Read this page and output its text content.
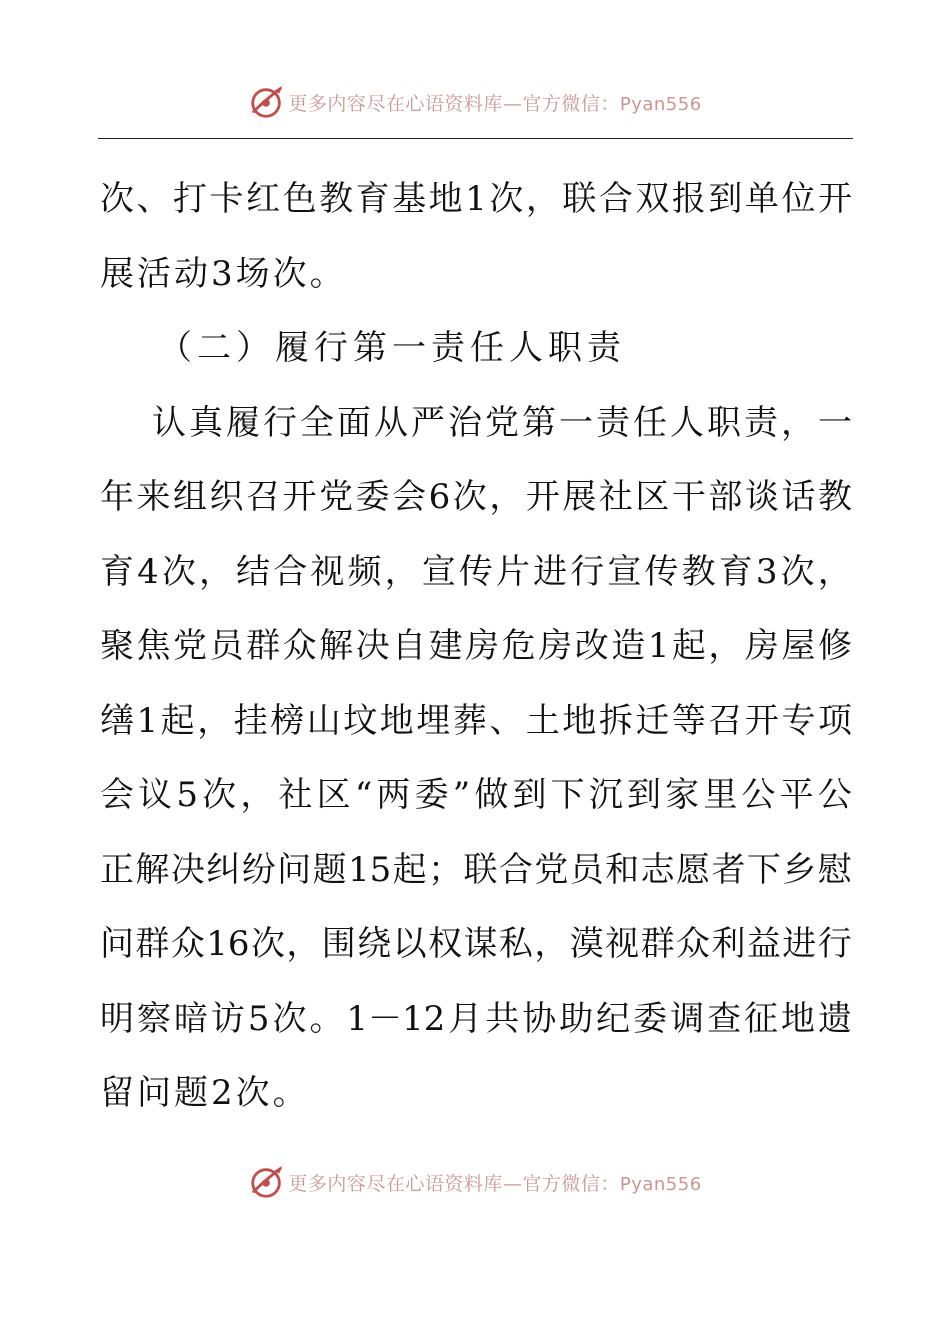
更多内容尽在心语资料库—官方微信：Pyan556
次 、 打 卡 红 色 教 育 基 地 1 次 ， 联 合 双 报 到 单 位 开
展 活 动 3 场 次 。
（ 二 ） 履 行 第 一 责 任 人 职 责
认 真 履 行 全 面 从 严 治 党 第 一 责 任 人 职 责 ， 一
年 来 组 织 召 开 党 委 会 6 次 ， 开 展 社 区 干 部 谈 话 教
育 4 次 ， 结 合 视 频 ， 宣 传 片 进 行 宣 传 教 育 3 次 ，
聚 焦 党 员 群 众 解 决 自 建 房 危 房 改 造 1 起 ， 房 屋 修
缮 1 起 ， 挂 榜 山 坟 地 埋 葬 、 土 地 拆 迁 等 召 开 专 项
会 议 5 次 ， 社 区 “ 两 委 ” 做 到 下 沉 到 家 里 公 平 公
正 解 决 纠 纷 问 题 15 起 ； 联 合 党 员 和 志 愿 者 下 乡 慰
问 群 众 16 次 ， 围 绕 以 权 谋 私 ， 漠 视 群 众 利 益 进 行
明 察 暗 访 5 次 。 1－12 月 共 协 助 纪 委 调 查 征 地 遗
留 问 题 2 次 。
更多内容尽在心语资料库—官方微信：Pyan556
